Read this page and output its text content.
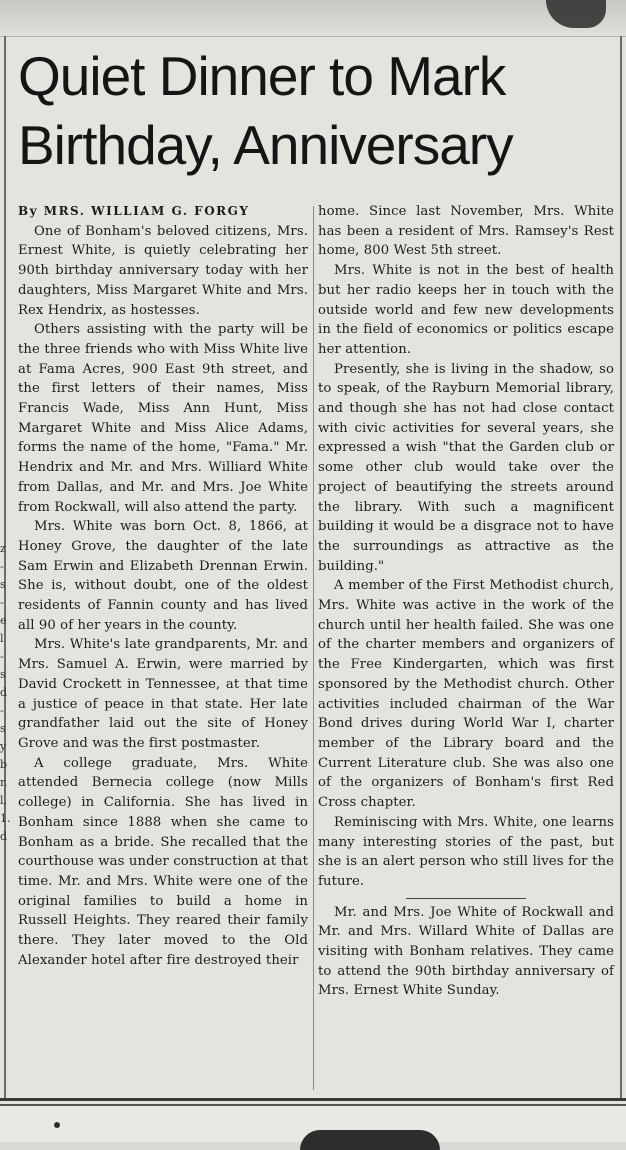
Quiet Dinner to Mark
Birthday, Anniversary

By MRS. WILLIAM G. FORGY

One of Bonham's beloved citizens, Mrs. Ernest White, is quietly celebrating her 90th birthday anniversary today with her daughters, Miss Margaret White and Mrs. Rex Hendrix, as hostesses.

Others assisting with the party will be the three friends who with Miss White live at Fama Acres, 900 East 9th street, and the first letters of their names, Miss Francis Wade, Miss Ann Hunt, Miss Margaret White and Miss Alice Adams, forms the name of the home, "Fama." Mr. Hendrix and Mr. and Mrs. Williard White from Dallas, and Mr. and Mrs. Joe White from Rockwall, will also attend the party.

Mrs. White was born Oct. 8, 1866, at Honey Grove, the daughter of the late Sam Erwin and Elizabeth Drennan Erwin. She is, without doubt, one of the oldest residents of Fannin county and has lived all 90 of her years in the county.

Mrs. White's late grandparents, Mr. and Mrs. Samuel A. Erwin, were married by David Crockett in Tennessee, at that time a justice of peace in that state. Her late grandfather laid out the site of Honey Grove and was the first postmaster.

A college graduate, Mrs. White attended Bernecia college (now Mills college) in California. She has lived in Bonham since 1888 when she came to Bonham as a bride. She recalled that the courthouse was under construction at that time. Mr. and Mrs. White were one of the original families to build a home in Russell Heights. They reared their family there. They later moved to the Old Alexander hotel after fire destroyed their

home. Since last November, Mrs. White has been a resident of Mrs. Ramsey's Rest home, 800 West 5th street.

Mrs. White is not in the best of health but her radio keeps her in touch with the outside world and few new developments in the field of economics or politics escape her attention.

Presently, she is living in the shadow, so to speak, of the Rayburn Memorial library, and though she has not had close contact with civic activities for several years, she expressed a wish "that the Garden club or some other club would take over the project of beautifying the streets around the library. With such a magnificent building it would be a disgrace not to have the surroundings as attractive as the building."

A member of the First Methodist church, Mrs. White was active in the work of the church until her health failed. She was one of the charter members and organizers of the Free Kindergarten, which was first sponsored by the Methodist church. Other activities included chairman of the War Bond drives during World War I, charter member of the Library board and the Current Literature club. She was also one of the organizers of Bonham's first Red Cross chapter.

Reminiscing with Mrs. White, one learns many interesting stories of the past, but she is an alert person who still lives for the future.

Mr. and Mrs. Joe White of Rockwall and Mr. and Mrs. Willard White of Dallas are visiting with Bonham relatives. They came to attend the 90th birthday anniversary of Mrs. Ernest White Sunday.

z
-
s
-
e
l
-
s
d
-
s
y
b
r.
l,
1.
d
